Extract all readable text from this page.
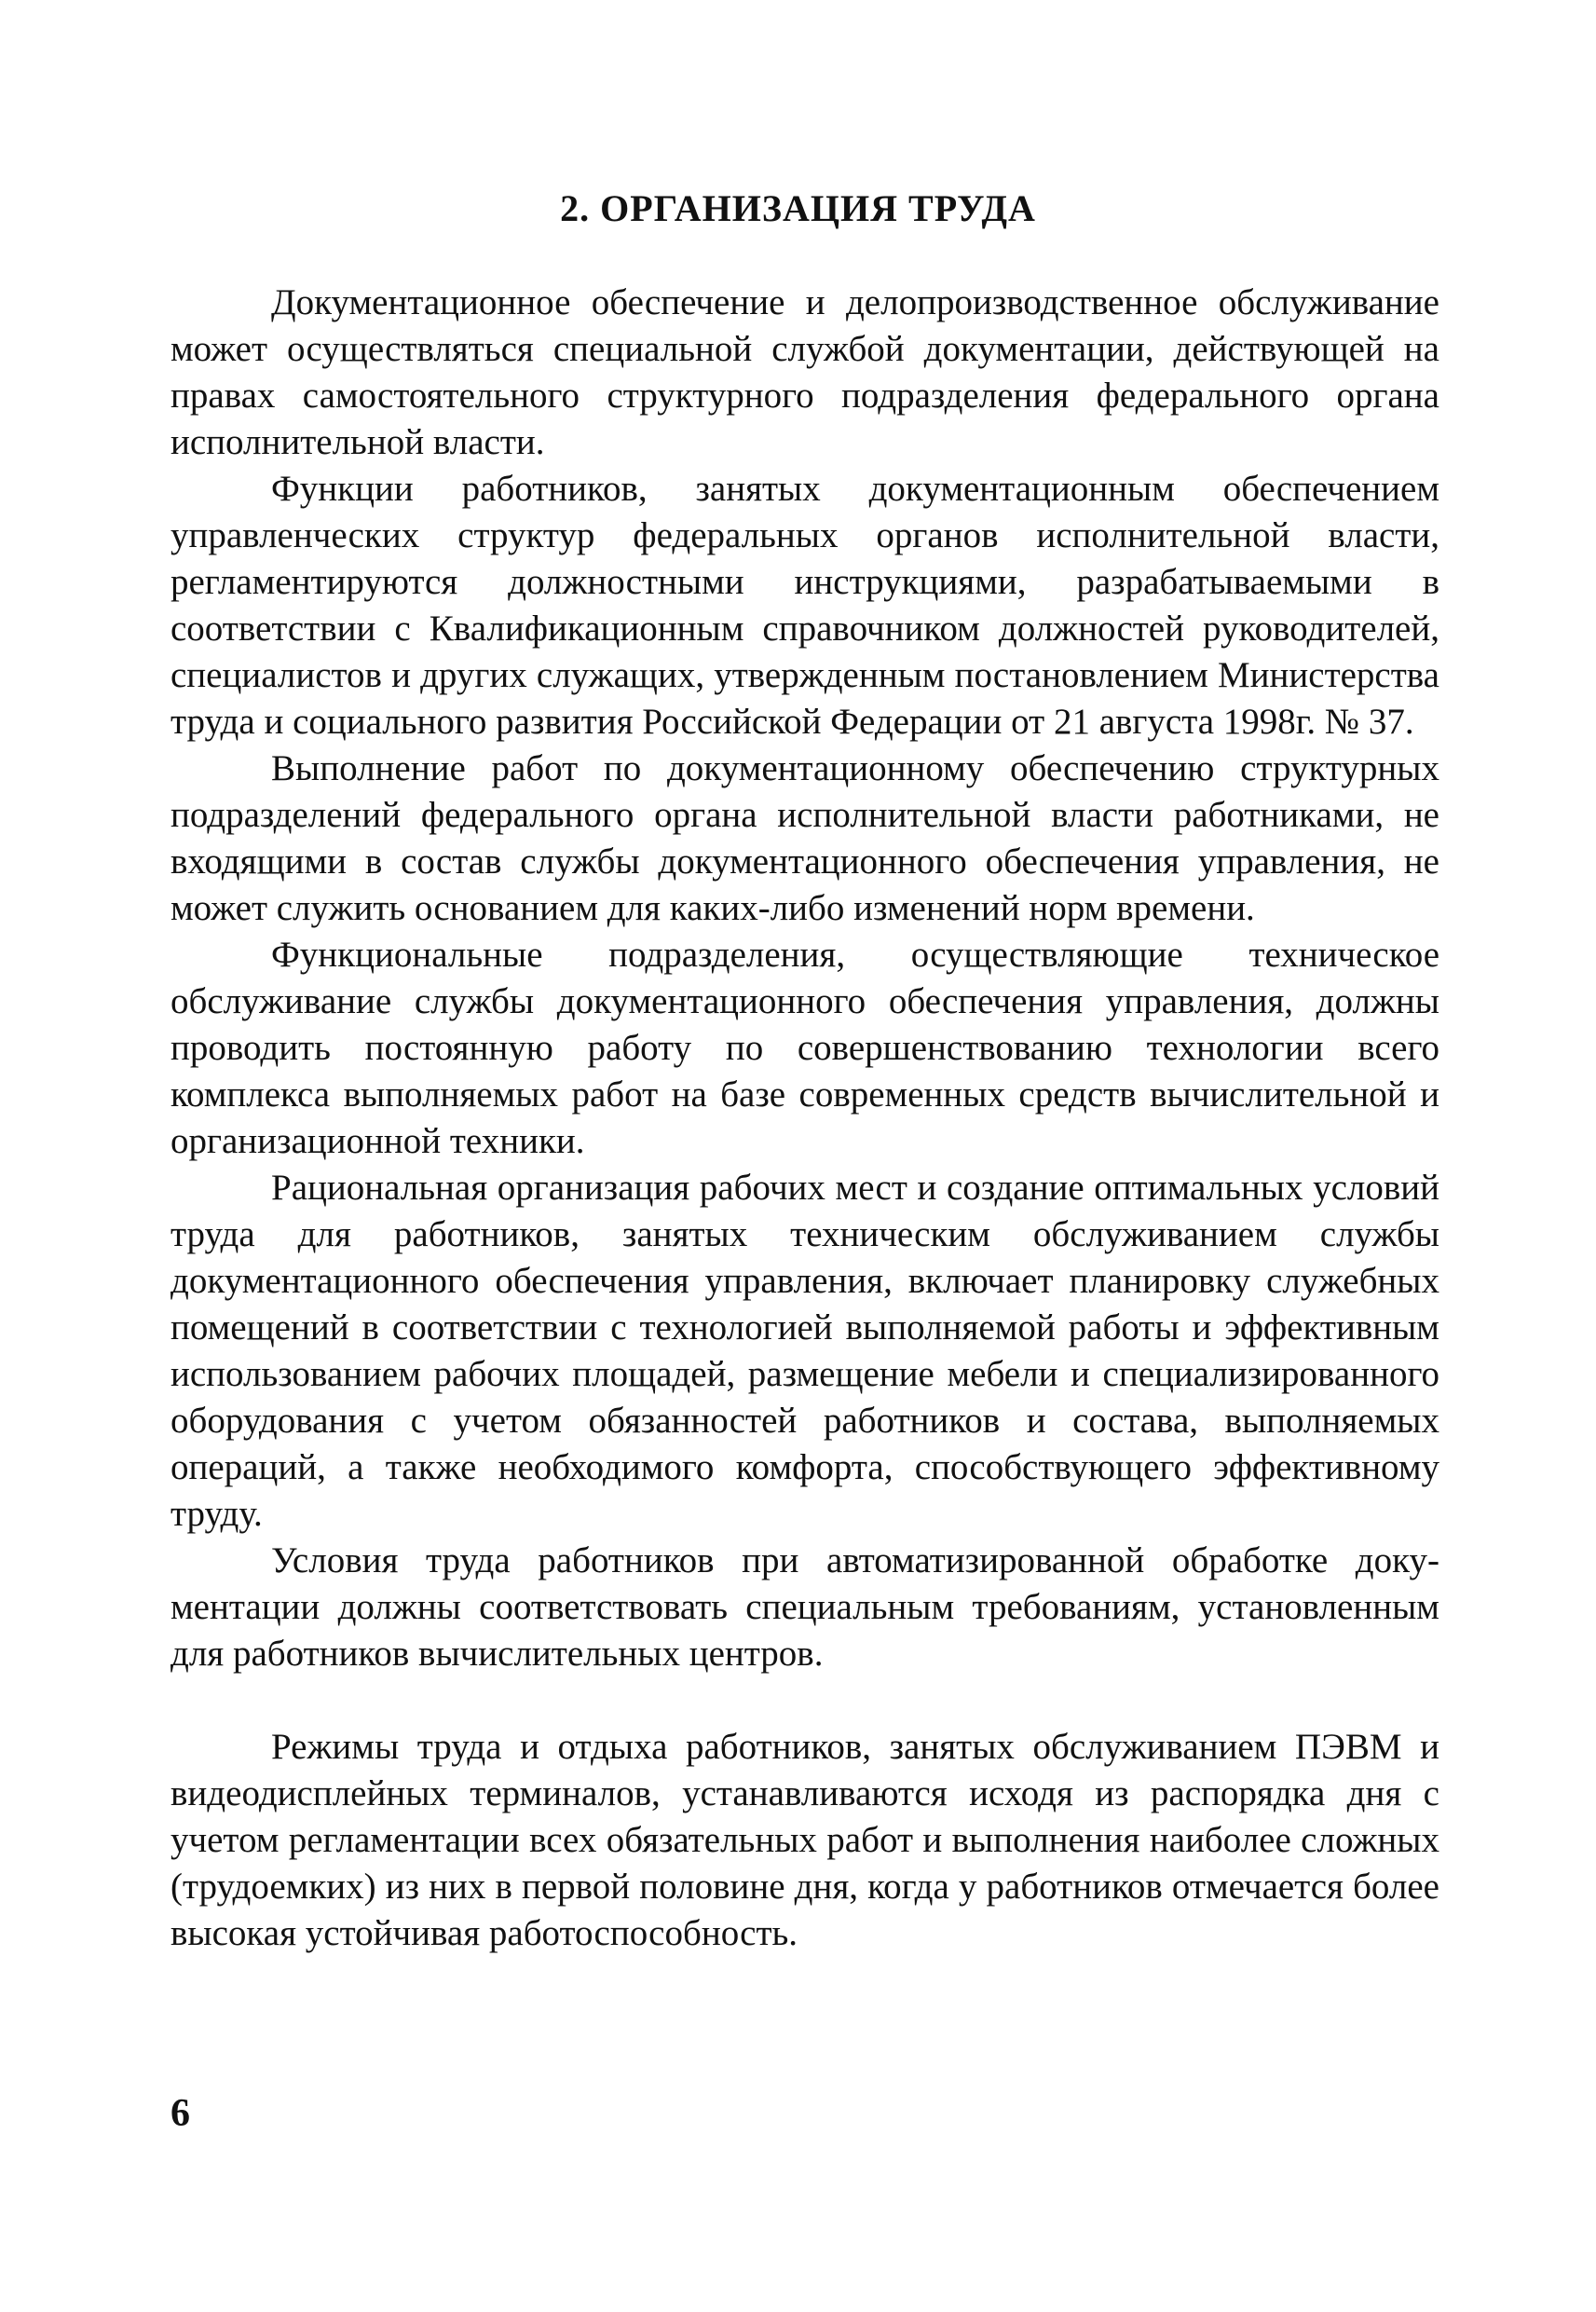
2. ОРГАНИЗАЦИЯ ТРУДА

Документационное обеспечение и делопроизводственное обслуживание может осуществляться специальной службой документации, действующей на правах самостоятельного структурного подразделения федерального органа исполнительной власти.

Функции работников, занятых документационным обеспечением управленческих структур федеральных органов исполнительной власти, регламентируются должностными инструкциями, разрабатываемыми в соответствии с Квалификационным справочником должностей руководителей, специалистов и других служащих, утвержденным постановлением Министерства труда и социального развития Российской Федерации от 21 августа 1998г. № 37.

Выполнение работ по документационному обеспечению структурных подразделений федерального органа исполнительной власти работниками, не входящими в состав службы документационного обеспечения управления, не может служить основанием для каких-либо изменений норм времени.

Функциональные подразделения, осуществляющие техническое обслуживание службы документационного обеспечения управления, должны проводить постоянную работу по совершенствованию технологии всего комплекса выполняемых работ на базе современных средств вычислительной и организационной техники.

Рациональная организация рабочих мест и создание оптимальных условий труда для работников, занятых техническим обслуживанием службы документационного обеспечения управления, включает планировку служебных помещений в соответствии с технологией выполняемой работы и эффективным использованием рабочих площадей, размещение мебели и специализированного оборудования с учетом обязанностей работников и состава, выполняемых операций, а также необходимого комфорта, способствующего эффективному труду.

Условия труда работников при автоматизированной обработке документации должны соответствовать специальным требованиям, установленным для работников вычислительных центров.

Режимы труда и отдыха работников, занятых обслуживанием ПЭВМ и видеодисплейных терминалов, устанавливаются исходя из распорядка дня с учетом регламентации всех обязательных работ и выполнения наиболее сложных (трудоемких) из них в первой половине дня, когда у работников отмечается более высокая устойчивая работоспособность.

6
